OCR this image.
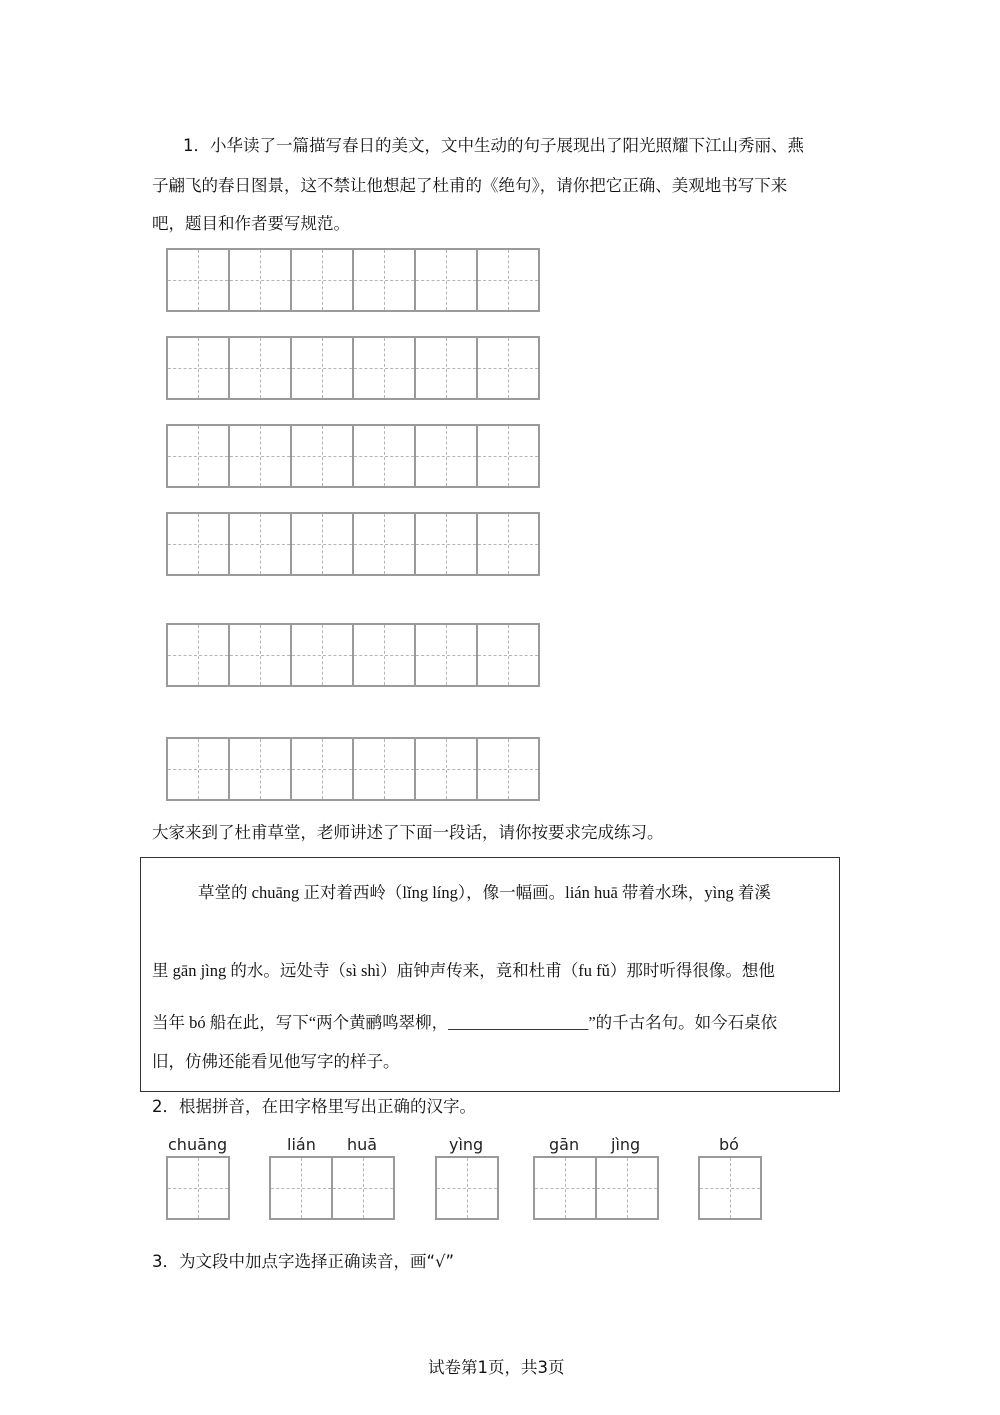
1．小华读了一篇描写春日的美文，文中生动的句子展现出了阳光照耀下江山秀丽、燕
子翩飞的春日图景，这不禁让他想起了杜甫的《绝句》，请你把它正确、美观地书写下来
吧，题目和作者要写规范。
大家来到了杜甫草堂，老师讲述了下面一段话，请你按要求完成练习。
草堂的 chuāng 正对着西岭（lǐng líng），像一幅画。lián huā 带着水珠，yìng 着溪
里 gān jìng 的水。远处寺（sì shì）庙钟声传来，竟和杜甫（fu fǔ）那时听得很像。想他
当年 bó 船在此，写下“两个黄鹂鸣翠柳，_________________”的千古名句。如今石桌依
旧，仿佛还能看见他写字的样子。
2．根据拼音，在田字格里写出正确的汉字。
chuāng	lián huā	yìng	gān jìng	bó
3．为文段中加点字选择正确读音，画“√”
试卷第1页，共3页
